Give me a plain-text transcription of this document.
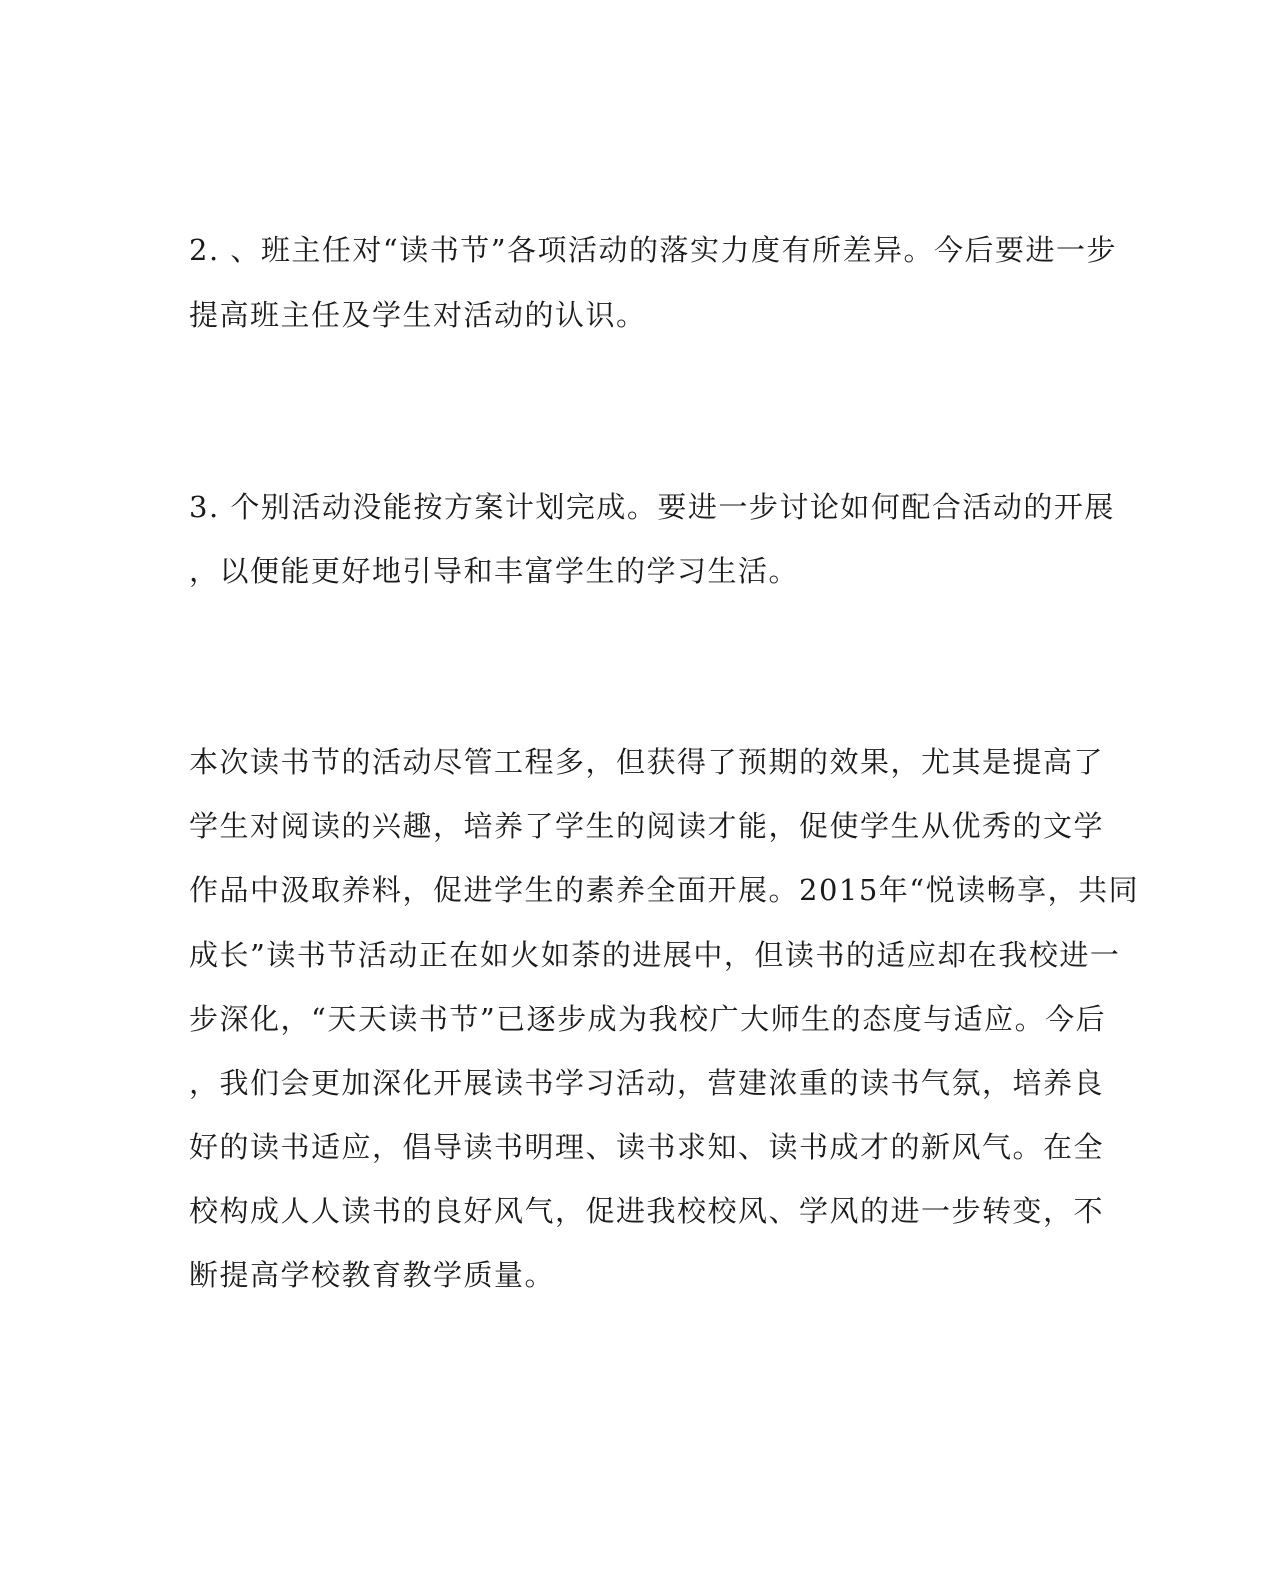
2. 、班主任对“读书节”各项活动的落实力度有所差异。今后要进一步
提高班主任及学生对活动的认识。
3. 个别活动没能按方案计划完成。要进一步讨论如何配合活动的开展
，以便能更好地引导和丰富学生的学习生活。
本次读书节的活动尽管工程多，但获得了预期的效果，尤其是提高了
学生对阅读的兴趣，培养了学生的阅读才能，促使学生从优秀的文学
作品中汲取养料，促进学生的素养全面开展。2015年“悦读畅享，共同
成长”读书节活动正在如火如荼的进展中，但读书的适应却在我校进一
步深化，“天天读书节”已逐步成为我校广大师生的态度与适应。今后
，我们会更加深化开展读书学习活动，营建浓重的读书气氛，培养良
好的读书适应，倡导读书明理、读书求知、读书成才的新风气。在全
校构成人人读书的良好风气，促进我校校风、学风的进一步转变，不
断提高学校教育教学质量。
